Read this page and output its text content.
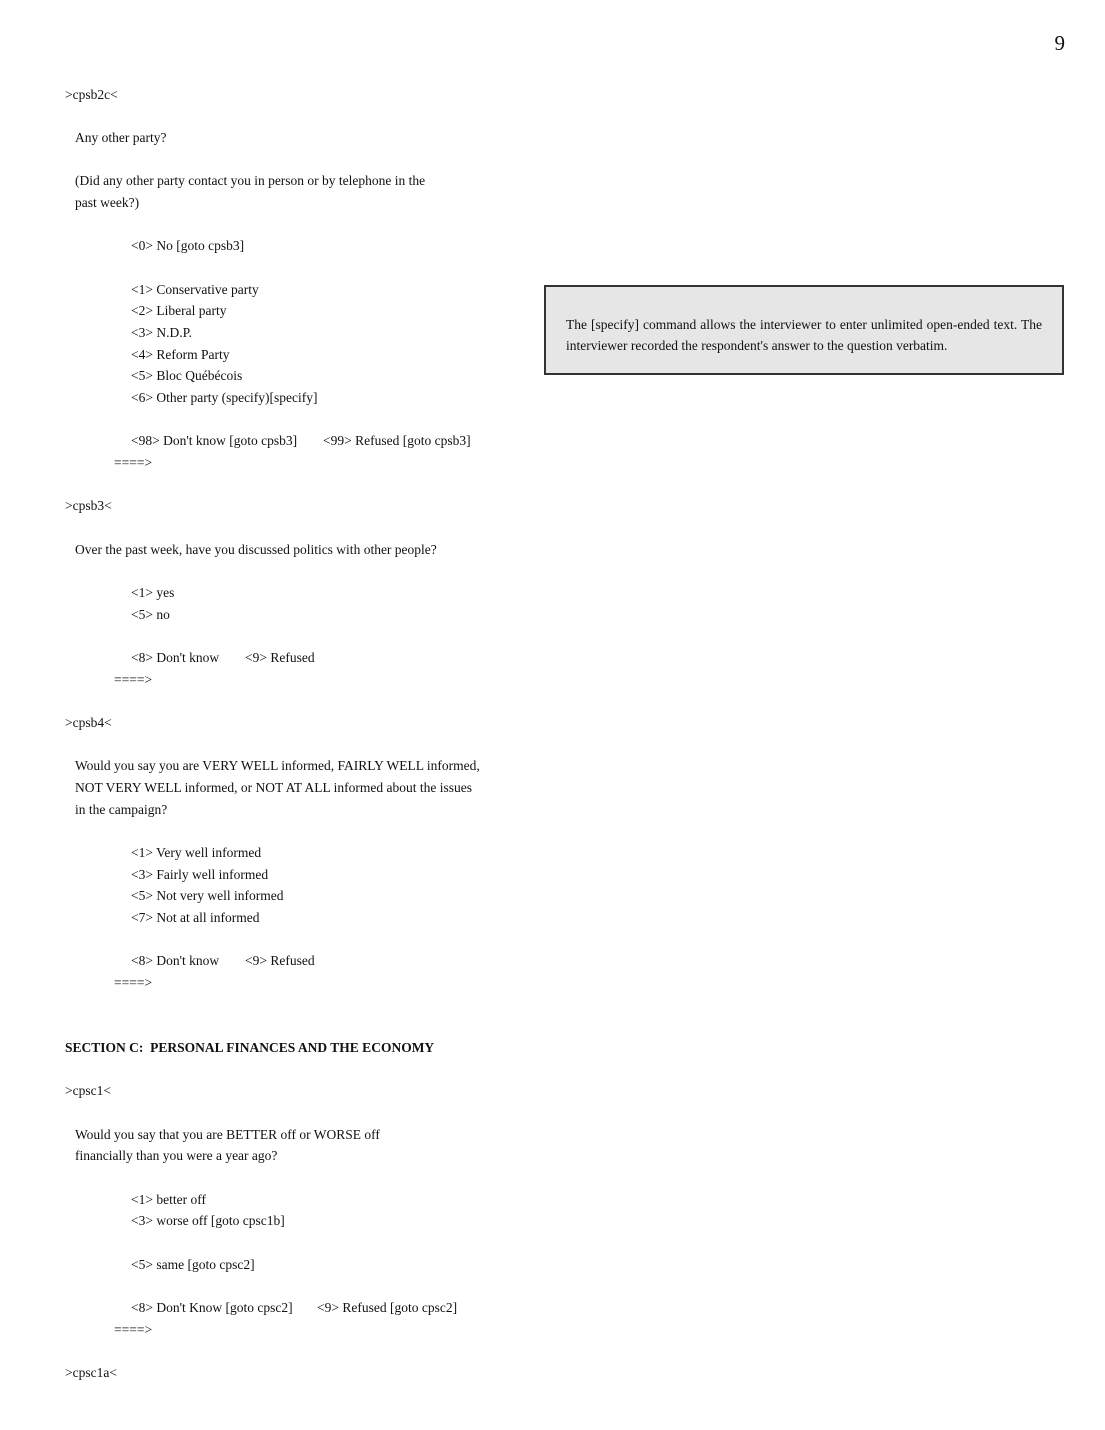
9
>cpsb2c<
Any other party?
(Did any other party contact you in person or by telephone in the
past week?)
<0> No [goto cpsb3]
<1> Conservative party
<2> Liberal party
<3> N.D.P.
<4> Reform Party
<5> Bloc Québécois
<6> Other party (specify)[specify]
<98> Don't know [goto cpsb3] <99> Refused [goto cpsb3]
====>
The [specify] command allows the interviewer to enter unlimited open-ended text. The interviewer recorded the respondent's answer to the question verbatim.
>cpsb3<
Over the past week, have you discussed politics with other people?
<1> yes
<5> no
<8> Don't know <9> Refused
====>
>cpsb4<
Would you say you are VERY WELL informed, FAIRLY WELL informed,
NOT VERY WELL informed, or NOT AT ALL informed about the issues
in the campaign?
<1> Very well informed
<3> Fairly well informed
<5> Not very well informed
<7> Not at all informed
<8> Don't know <9> Refused
====>
SECTION C:  PERSONAL FINANCES AND THE ECONOMY
>cpsc1<
Would you say that you are BETTER off or WORSE off
financially than you were a year ago?
<1> better off
<3> worse off [goto cpsc1b]
<5> same [goto cpsc2]
<8> Don't Know [goto cpsc2] <9> Refused [goto cpsc2]
====>
>cpsc1a<
